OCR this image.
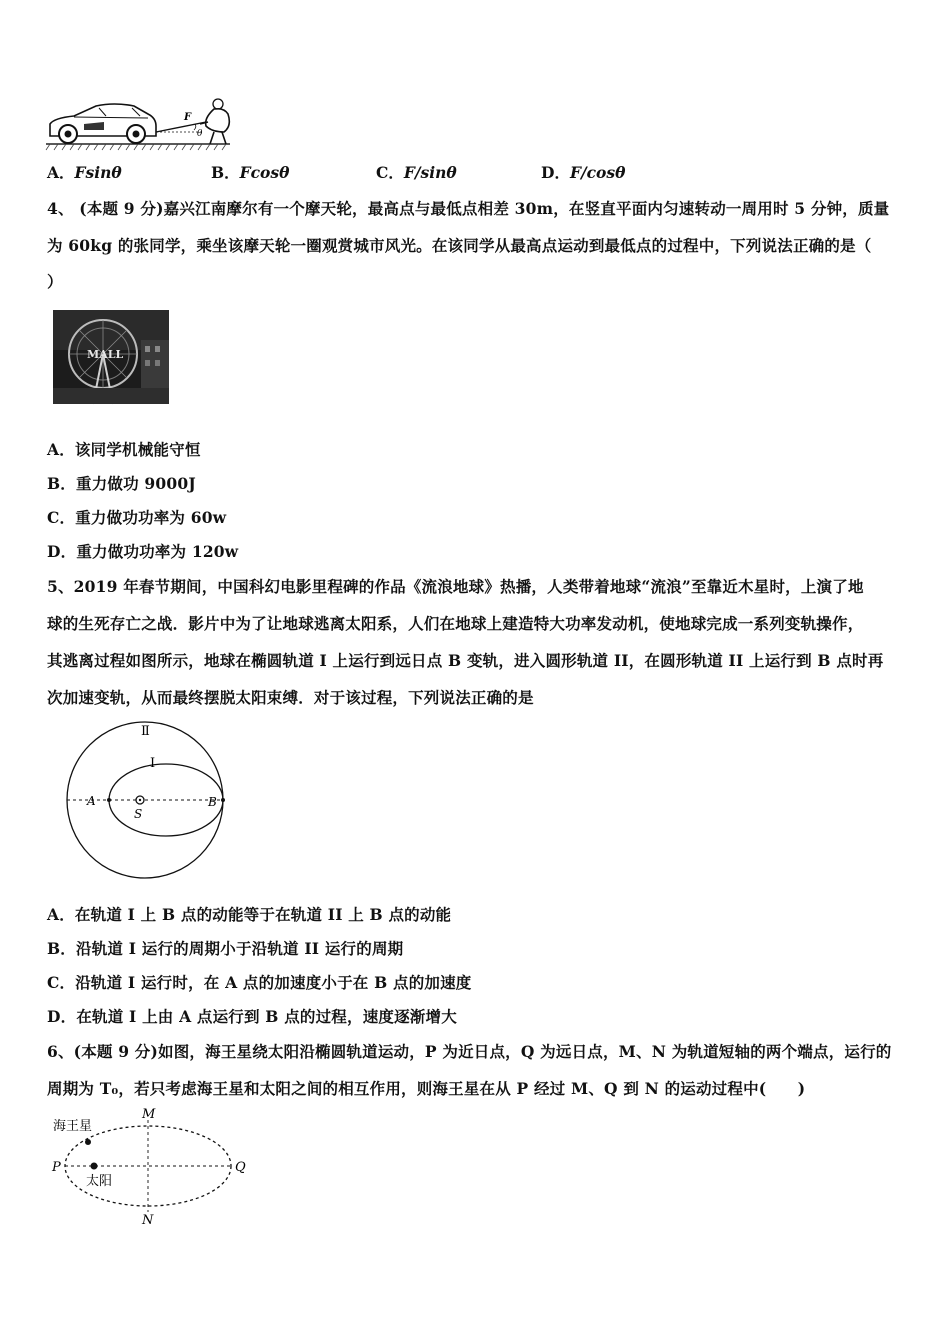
F
θ
A．Fsinθ	B．Fcosθ	C．F/sinθ	D．F/cosθ
4、 (本题 9 分)嘉兴江南摩尔有一个摩天轮，最高点与最低点相差 30m，在竖直平面内匀速转动一周用时 5 分钟，质量
为 60kg 的张同学，乘坐该摩天轮一圈观赏城市风光。在该同学从最高点运动到最低点的过程中，下列说法正确的是（
）
MALL
A．该同学机械能守恒
B．重力做功 9000J
C．重力做功功率为 60w
D．重力做功功率为 120w
5、2019 年春节期间，中国科幻电影里程碑的作品《流浪地球》热播，人类带着地球“流浪”至靠近木星时，上演了地
球的生死存亡之战．影片中为了让地球逃离太阳系，人们在地球上建造特大功率发动机，使地球完成一系列变轨操作，
其逃离过程如图所示，地球在椭圆轨道 I 上运行到远日点 B 变轨，进入圆形轨道 II，在圆形轨道 II 上运行到 B 点时再
次加速变轨，从而最终摆脱太阳束缚．对于该过程，下列说法正确的是
Ⅱ
I
A	B
S
A．在轨道 I 上 B 点的动能等于在轨道 II 上 B 点的动能
B．沿轨道 I 运行的周期小于沿轨道 II 运行的周期
C．沿轨道 I 运行时，在 A 点的加速度小于在 B 点的加速度
D．在轨道 I 上由 A 点运行到 B 点的过程，速度逐渐增大
6、(本题 9 分)如图，海王星绕太阳沿椭圆轨道运动，P 为近日点，Q 为远日点，M、N 为轨道短轴的两个端点，运行的
周期为 T₀，若只考虑海王星和太阳之间的相互作用，则海王星在从 P 经过 M、Q 到 N 的运动过程中(　　)
海王星
太阳
M
N
P	Q
